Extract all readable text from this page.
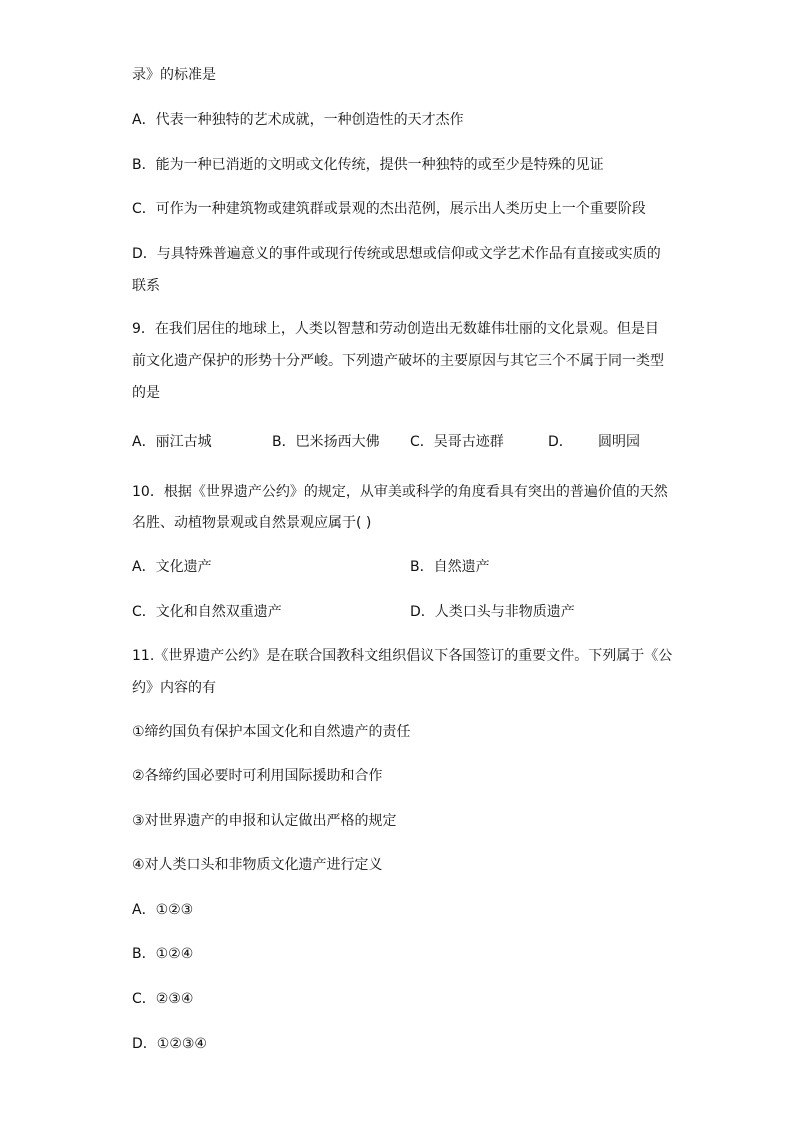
录》的标准是
A．代表一种独特的艺术成就，一种创造性的天才杰作
B．能为一种已消逝的文明或文化传统，提供一种独特的或至少是特殊的见证
C．可作为一种建筑物或建筑群或景观的杰出范例，展示出人类历史上一个重要阶段
D．与具特殊普遍意义的事件或现行传统或思想或信仰或文学艺术作品有直接或实质的
联系
9．在我们居住的地球上，人类以智慧和劳动创造出无数雄伟壮丽的文化景观。但是目
前文化遗产保护的形势十分严峻。下列遗产破坏的主要原因与其它三个不属于同一类型
的是
A．丽江古城	B．巴米扬西大佛 C．吴哥古迹群	D． 圆明园
10．根据《世界遗产公约》的规定，从审美或科学的角度看具有突出的普遍价值的天然
名胜、动植物景观或自然景观应属于( )
A．文化遗产	B．自然遗产
C．文化和自然双重遗产	D．人类口头与非物质遗产
11.《世界遗产公约》是在联合国教科文组织倡议下各国签订的重要文件。下列属于《公
约》内容的有
①缔约国负有保护本国文化和自然遗产的责任
②各缔约国必要时可利用国际援助和合作
③对世界遗产的申报和认定做出严格的规定
④对人类口头和非物质文化遗产进行定义
A．①②③
B．①②④
C．②③④
D．①②③④
